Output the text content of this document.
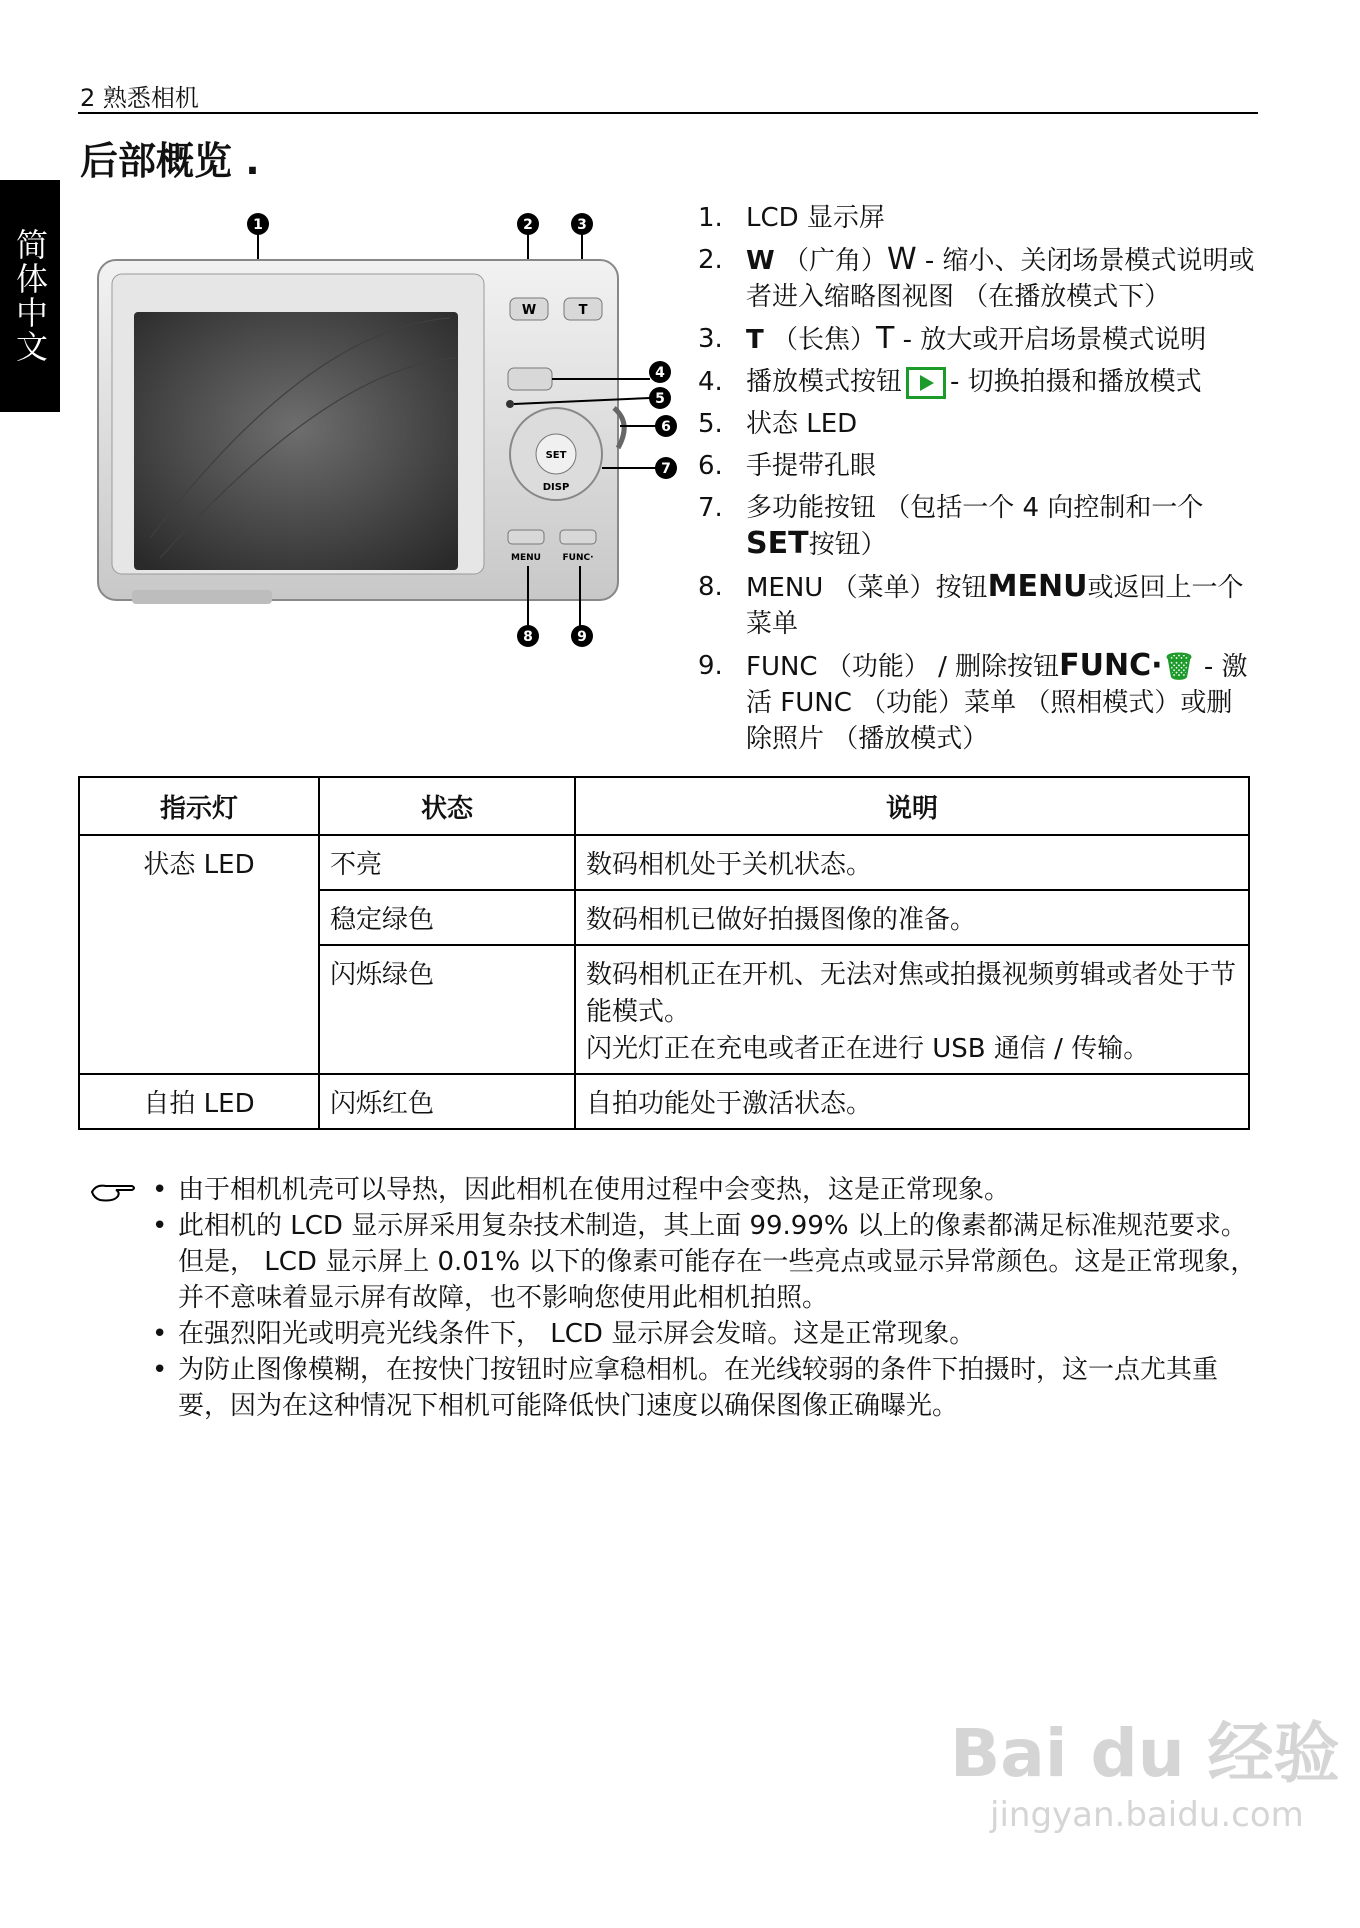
2 熟悉相机
后部概览 .
简体中文	W	T
SET
DISP
MENU FUNC·
1	2	3
4
5
6
7
8	9
1. LCD 显示屏
2. W （广角）W - 缩小、关闭场景模式说明或者进入缩略图视图 （在播放模式下）
3. T （长焦）T - 放大或开启场景模式说明
4. 播放模式按钮 - 切换拍摄和播放模式
5. 状态 LED
6. 手提带孔眼
7. 多功能按钮 （包括一个 4 向控制和一个
SET按钮）
8. MENU （菜单）按钮MENU或返回上一个菜单
9. FUNC （功能） / 删除按钮FUNC·🗑 - 激活 FUNC （功能）菜单 （照相模式）或删除照片 （播放模式）
指示灯	状态	说明
状态 LED	不亮	数码相机处于关机状态。
	稳定绿色	数码相机已做好拍摄图像的准备。
	闪烁绿色	数码相机正在开机、无法对焦或拍摄视频剪辑或者处于节能模式。
闪光灯正在充电或者正在进行 USB 通信 / 传输。
自拍 LED	闪烁红色	自拍功能处于激活状态。
• 由于相机机壳可以导热，因此相机在使用过程中会变热，这是正常现象。
• 此相机的 LCD 显示屏采用复杂技术制造，其上面 99.99% 以上的像素都满足标准规范要求。但是， LCD 显示屏上 0.01% 以下的像素可能存在一些亮点或显示异常颜色。这是正常现象，并不意味着显示屏有故障，也不影响您使用此相机拍照。
• 在强烈阳光或明亮光线条件下， LCD 显示屏会发暗。这是正常现象。
• 为防止图像模糊，在按快门按钮时应拿稳相机。在光线较弱的条件下拍摄时，这一点尤其重要，因为在这种情况下相机可能降低快门速度以确保图像正确曝光。
Bai du 经验
jingyan.baidu.com
